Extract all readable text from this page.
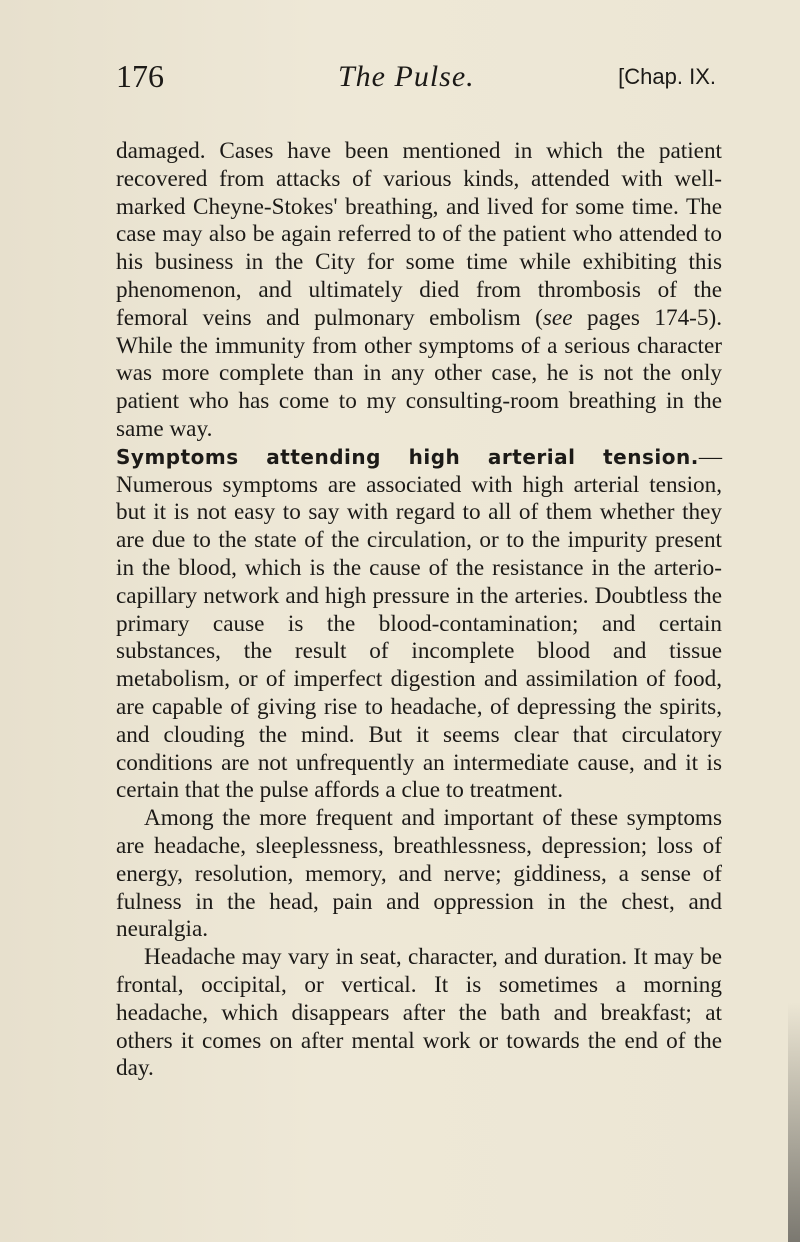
176	The Pulse.	[Chap. IX.

damaged. Cases have been mentioned in which the patient recovered from attacks of various kinds, attended with well-marked Cheyne-Stokes' breathing, and lived for some time. The case may also be again referred to of the patient who attended to his business in the City for some time while exhibiting this phenomenon, and ultimately died from thrombosis of the femoral veins and pulmonary embolism (see pages 174-5). While the immunity from other symptoms of a serious character was more complete than in any other case, he is not the only patient who has come to my consulting-room breathing in the same way.

Symptoms attending high arterial tension.—Numerous symptoms are associated with high arterial tension, but it is not easy to say with regard to all of them whether they are due to the state of the circulation, or to the impurity present in the blood, which is the cause of the resistance in the arterio-capillary network and high pressure in the arteries. Doubtless the primary cause is the blood-contamination; and certain substances, the result of incomplete blood and tissue metabolism, or of imperfect digestion and assimilation of food, are capable of giving rise to headache, of depressing the spirits, and clouding the mind. But it seems clear that circulatory conditions are not unfrequently an intermediate cause, and it is certain that the pulse affords a clue to treatment.

Among the more frequent and important of these symptoms are headache, sleeplessness, breathlessness, depression; loss of energy, resolution, memory, and nerve; giddiness, a sense of fulness in the head, pain and oppression in the chest, and neuralgia.

Headache may vary in seat, character, and duration. It may be frontal, occipital, or vertical. It is sometimes a morning headache, which disappears after the bath and breakfast; at others it comes on after mental work or towards the end of the day.
